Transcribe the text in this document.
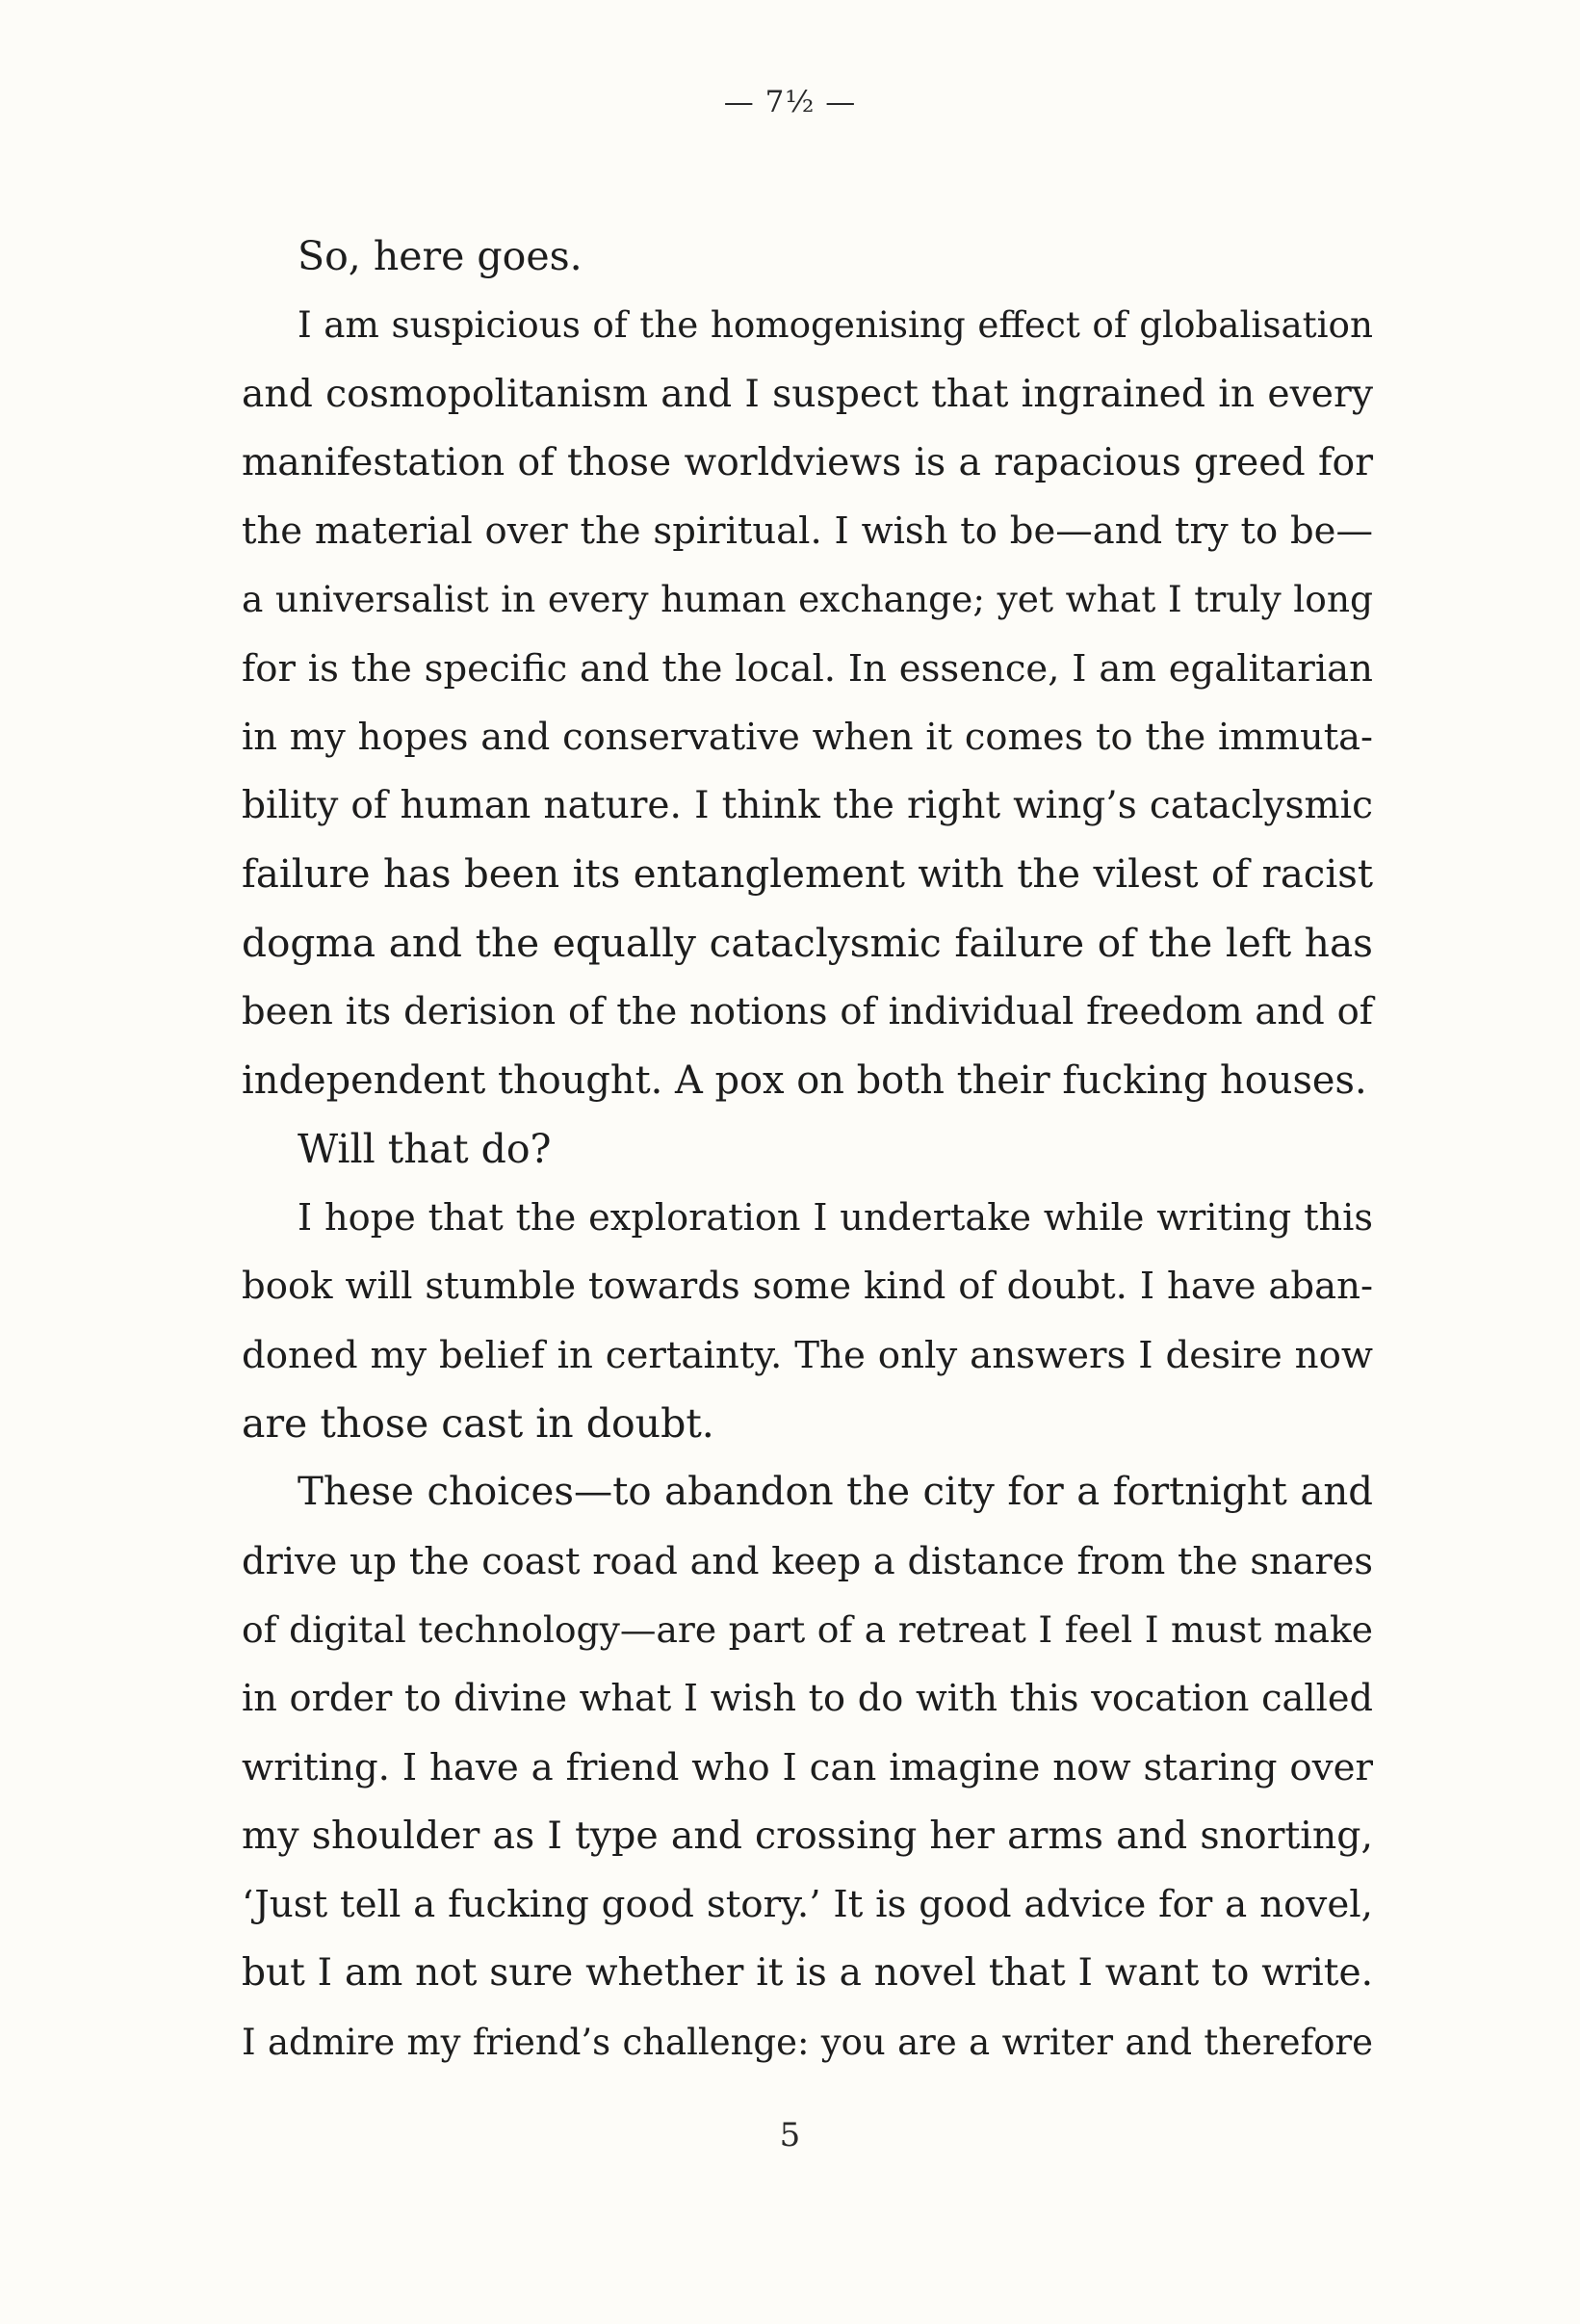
— 7½ —
So, here goes.
I am suspicious of the homogenising effect of globalisation
and cosmopolitanism and I suspect that ingrained in every
manifestation of those worldviews is a rapacious greed for
the material over the spiritual. I wish to be—and try to be—
a universalist in every human exchange; yet what I truly long
for is the specific and the local. In essence, I am egalitarian
in my hopes and conservative when it comes to the immuta-
bility of human nature. I think the right wing’s cataclysmic
failure has been its entanglement with the vilest of racist
dogma and the equally cataclysmic failure of the left has
been its derision of the notions of individual freedom and of
independent thought. A pox on both their fucking houses.
Will that do?
I hope that the exploration I undertake while writing this
book will stumble towards some kind of doubt. I have aban-
doned my belief in certainty. The only answers I desire now
are those cast in doubt.
These choices—to abandon the city for a fortnight and
drive up the coast road and keep a distance from the snares
of digital technology—are part of a retreat I feel I must make
in order to divine what I wish to do with this vocation called
writing. I have a friend who I can imagine now staring over
my shoulder as I type and crossing her arms and snorting,
‘Just tell a fucking good story.’ It is good advice for a novel,
but I am not sure whether it is a novel that I want to write.
I admire my friend’s challenge: you are a writer and therefore
5
